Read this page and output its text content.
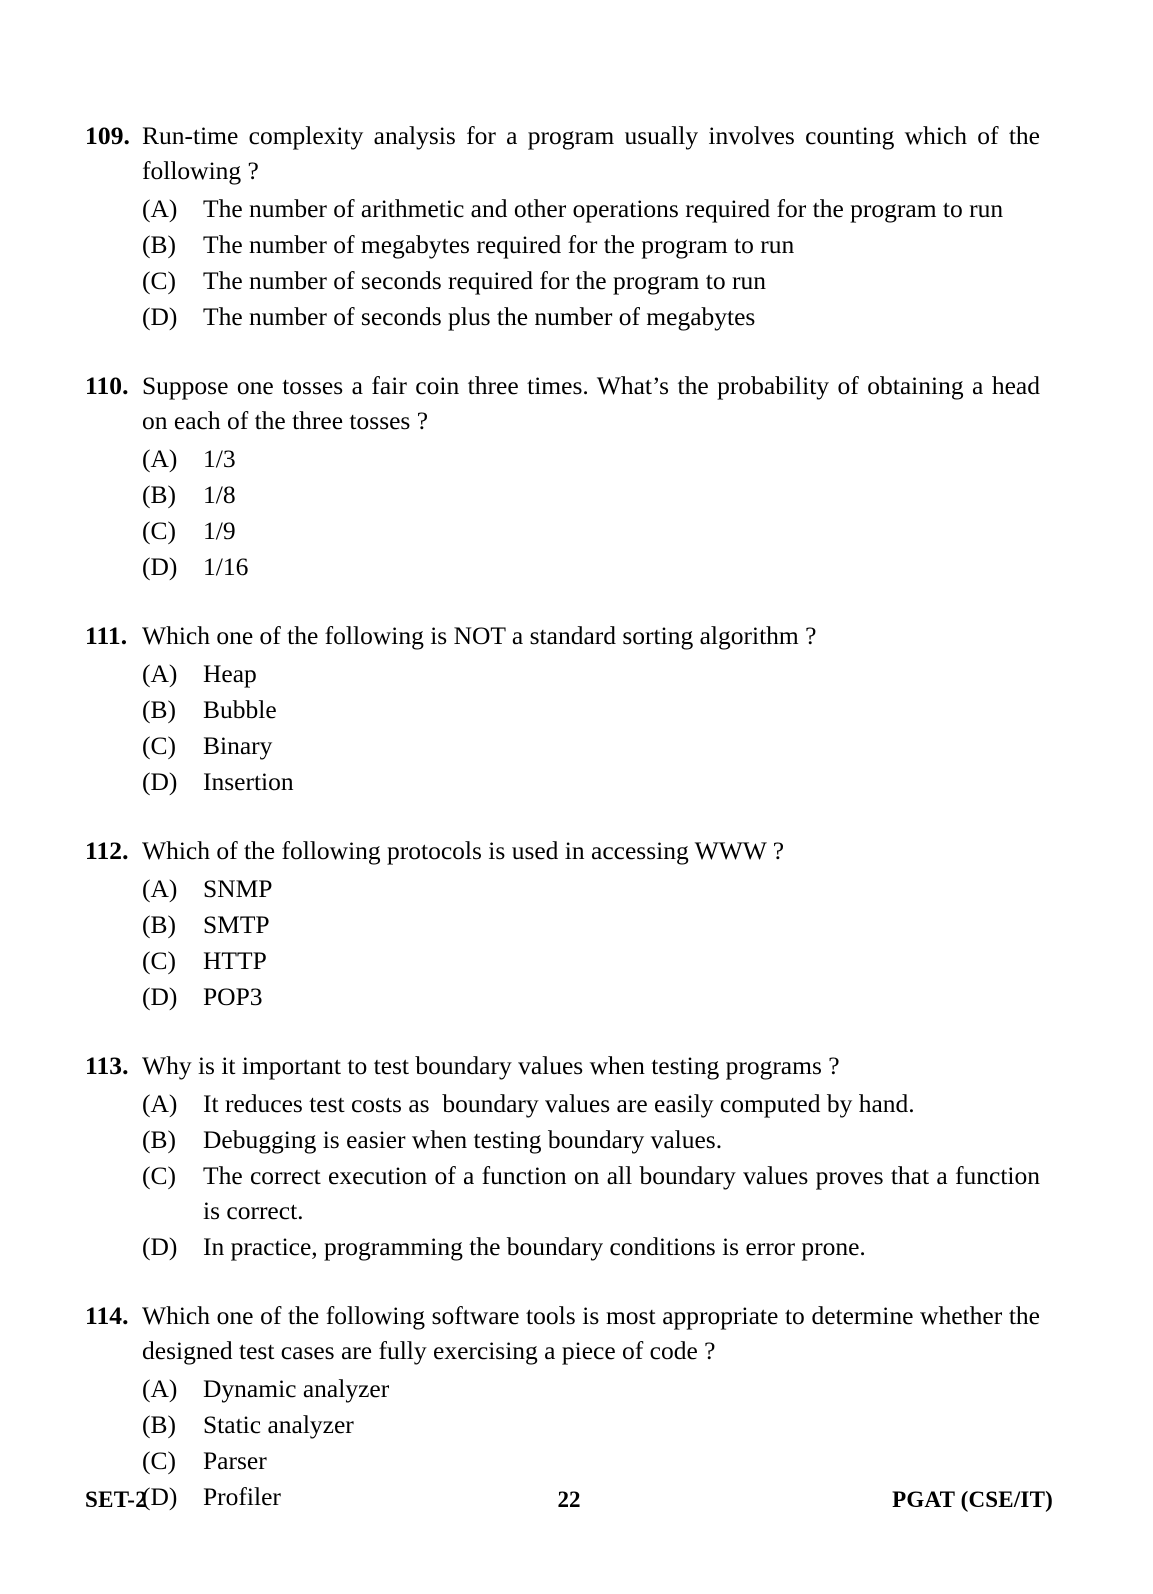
109. Run-time complexity analysis for a program usually involves counting which of the following ?
(A)	The number of arithmetic and other operations required for the program to run
(B)	The number of megabytes required for the program to run
(C)	The number of seconds required for the program to run
(D)	The number of seconds plus the number of megabytes
110. Suppose one tosses a fair coin three times. What’s the probability of obtaining a head on each of the three tosses ?
(A)	1/3
(B)	1/8
(C)	1/9
(D)	1/16
111. Which one of the following is NOT a standard sorting algorithm ?
(A)	Heap
(B)	Bubble
(C)	Binary
(D)	Insertion
112. Which of the following protocols is used in accessing WWW ?
(A)	SNMP
(B)	SMTP
(C)	HTTP
(D)	POP3
113. Why is it important to test boundary values when testing programs ?
(A)	It reduces test costs as  boundary values are easily computed by hand.
(B)	Debugging is easier when testing boundary values.
(C)	The correct execution of a function on all boundary values proves that a function is correct.
(D)	In practice, programming the boundary conditions is error prone.
114. Which one of the following software tools is most appropriate to determine whether the designed test cases are fully exercising a piece of code ?
(A)	Dynamic analyzer
(B)	Static analyzer
(C)	Parser
(D)	Profiler
SET-2	22	PGAT (CSE/IT)
